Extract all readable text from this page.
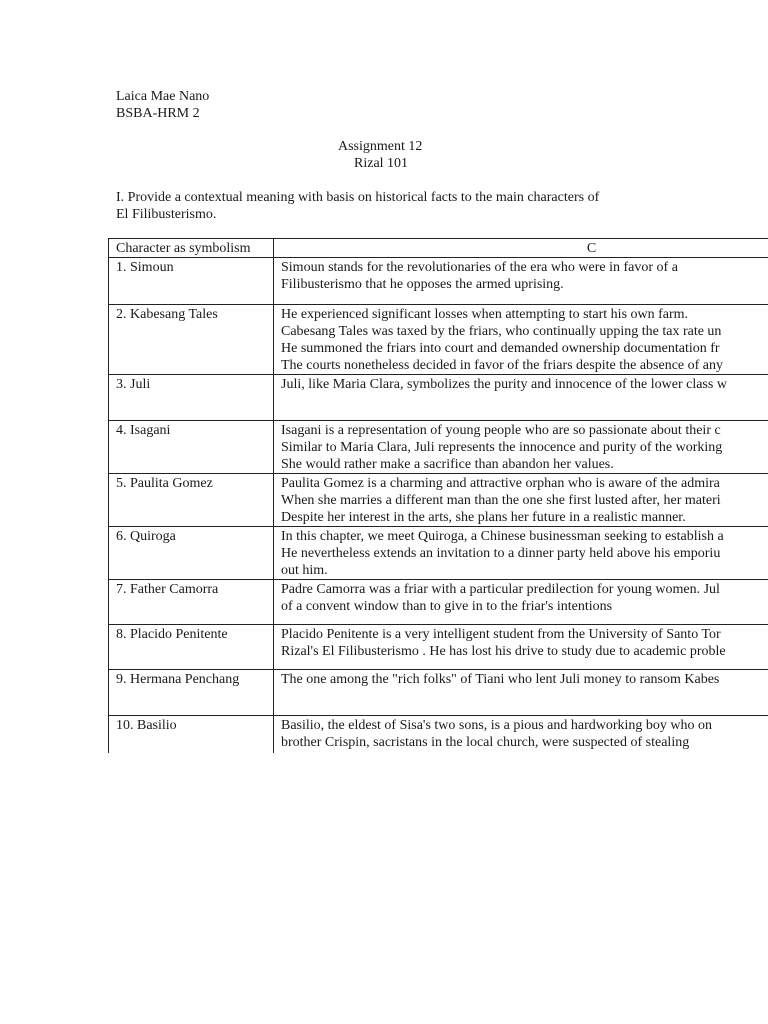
Laica Mae Nano
BSBA-HRM 2
Assignment 12
Rizal 101
I. Provide a contextual meaning with basis on historical facts to the main characters of
El Filibusterismo.
Character as symbolism	C
1. Simoun	Simoun stands for the revolutionaries of the era who were in favor of a
Filibusterismo that he opposes the armed uprising.
2. Kabesang Tales	He experienced significant losses when attempting to start his own farm.
Cabesang Tales was taxed by the friars, who continually upping the tax rate un
He summoned the friars into court and demanded ownership documentation fr
The courts nonetheless decided in favor of the friars despite the absence of any
3. Juli	Juli, like Maria Clara, symbolizes the purity and innocence of the lower class w
4. Isagani	Isagani is a representation of young people who are so passionate about their c
Similar to Maria Clara, Juli represents the innocence and purity of the working
She would rather make a sacrifice than abandon her values.
5. Paulita Gomez	Paulita Gomez is a charming and attractive orphan who is aware of the admira
When she marries a different man than the one she first lusted after, her materi
Despite her interest in the arts, she plans her future in a realistic manner.
6. Quiroga	In this chapter, we meet Quiroga, a Chinese businessman seeking to establish a
He nevertheless extends an invitation to a dinner party held above his emporiu
out him.
7. Father Camorra	Padre Camorra was a friar with a particular predilection for young women. Jul
of a convent window than to give in to the friar's intentions
8. Placido Penitente	Placido Penitente is a very intelligent student from the University of Santo Tor
Rizal's El Filibusterismo . He has lost his drive to study due to academic proble
9. Hermana Penchang	The one among the "rich folks" of Tiani who lent Juli money to ransom Kabes
10. Basilio	Basilio, the eldest of Sisa's two sons, is a pious and hardworking boy who on
brother Crispin, sacristans in the local church, were suspected of stealing
